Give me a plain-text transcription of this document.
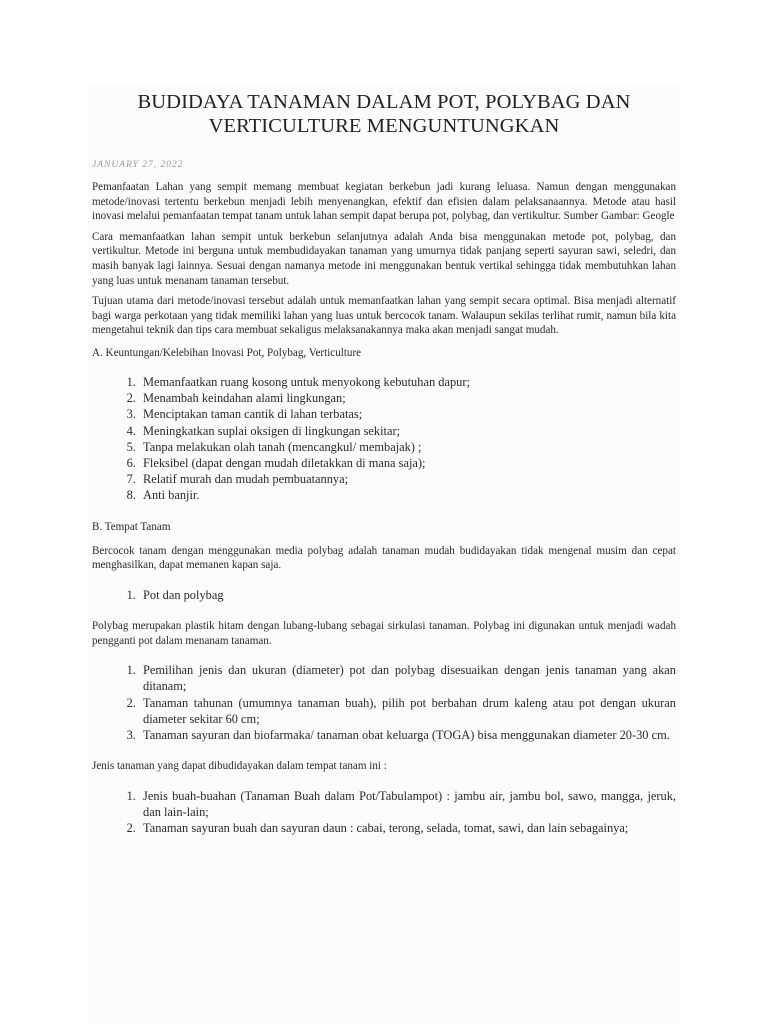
BUDIDAYA TANAMAN DALAM POT, POLYBAG DAN VERTICULTURE MENGUNTUNGKAN
JANUARY 27, 2022

Pemanfaatan Lahan yang sempit memang membuat kegiatan berkebun jadi kurang leluasa. Namun dengan menggunakan metode/inovasi tertentu berkebun menjadi lebih menyenangkan, efektif dan efisien dalam pelaksanaannya. Metode atau hasil inovasi melalui pemanfaatan tempat tanam untuk lahan sempit dapat berupa pot, polybag, dan vertikultur. Sumber Gambar: Geogle

Cara memanfaatkan lahan sempit untuk berkebun selanjutnya adalah Anda bisa menggunakan metode pot, polybag, dan vertikultur. Metode ini berguna untuk membudidayakan tanaman yang umurnya tidak panjang seperti sayuran sawi, seledri, dan masih banyak lagi lainnya. Sesuai dengan namanya metode ini menggunakan bentuk vertikal sehingga tidak membutuhkan lahan yang luas untuk menanam tanaman tersebut.

Tujuan utama dari metode/inovasi tersebut adalah untuk memanfaatkan lahan yang sempit secara optimal. Bisa menjadi alternatif bagi warga perkotaan yang tidak memiliki lahan yang luas untuk bercocok tanam. Walaupun sekilas terlihat rumit, namun bila kita mengetahui teknik dan tips cara membuat sekaligus melaksanakannya maka akan menjadi sangat mudah.

A. Keuntungan/Kelebihan Inovasi Pot, Polybag, Verticulture
1. Memanfaatkan ruang kosong untuk menyokong kebutuhan dapur;
2. Menambah keindahan alami lingkungan;
3. Menciptakan taman cantik di lahan terbatas;
4. Meningkatkan suplai oksigen di lingkungan sekitar;
5. Tanpa melakukan olah tanah (mencangkul/ membajak) ;
6. Fleksibel (dapat dengan mudah diletakkan di mana saja);
7. Relatif murah dan mudah pembuatannya;
8. Anti banjir.
B. Tempat Tanam

Bercocok tanam dengan menggunakan media polybag adalah tanaman mudah budidayakan tidak mengenal musim dan cepat menghasilkan, dapat memanen kapan saja.

1. Pot dan polybag

Polybag merupakan plastik hitam dengan lubang-lubang sebagai sirkulasi tanaman. Polybag ini digunakan untuk menjadi wadah pengganti pot dalam menanam tanaman.

1. Pemilihan jenis dan ukuran (diameter) pot dan polybag disesuaikan dengan jenis tanaman yang akan ditanam;
2. Tanaman tahunan (umumnya tanaman buah), pilih pot berbahan drum kaleng atau pot dengan ukuran diameter sekitar 60 cm;
3. Tanaman sayuran dan biofarmaka/ tanaman obat keluarga (TOGA) bisa menggunakan diameter 20-30 cm.

Jenis tanaman yang dapat dibudidayakan dalam tempat tanam ini :

1. Jenis buah-buahan (Tanaman Buah dalam Pot/Tabulampot) : jambu air, jambu bol, sawo, mangga, jeruk, dan lain-lain;
2. Tanaman sayuran buah dan sayuran daun : cabai, terong, selada, tomat, sawi, dan lain sebagainya;
